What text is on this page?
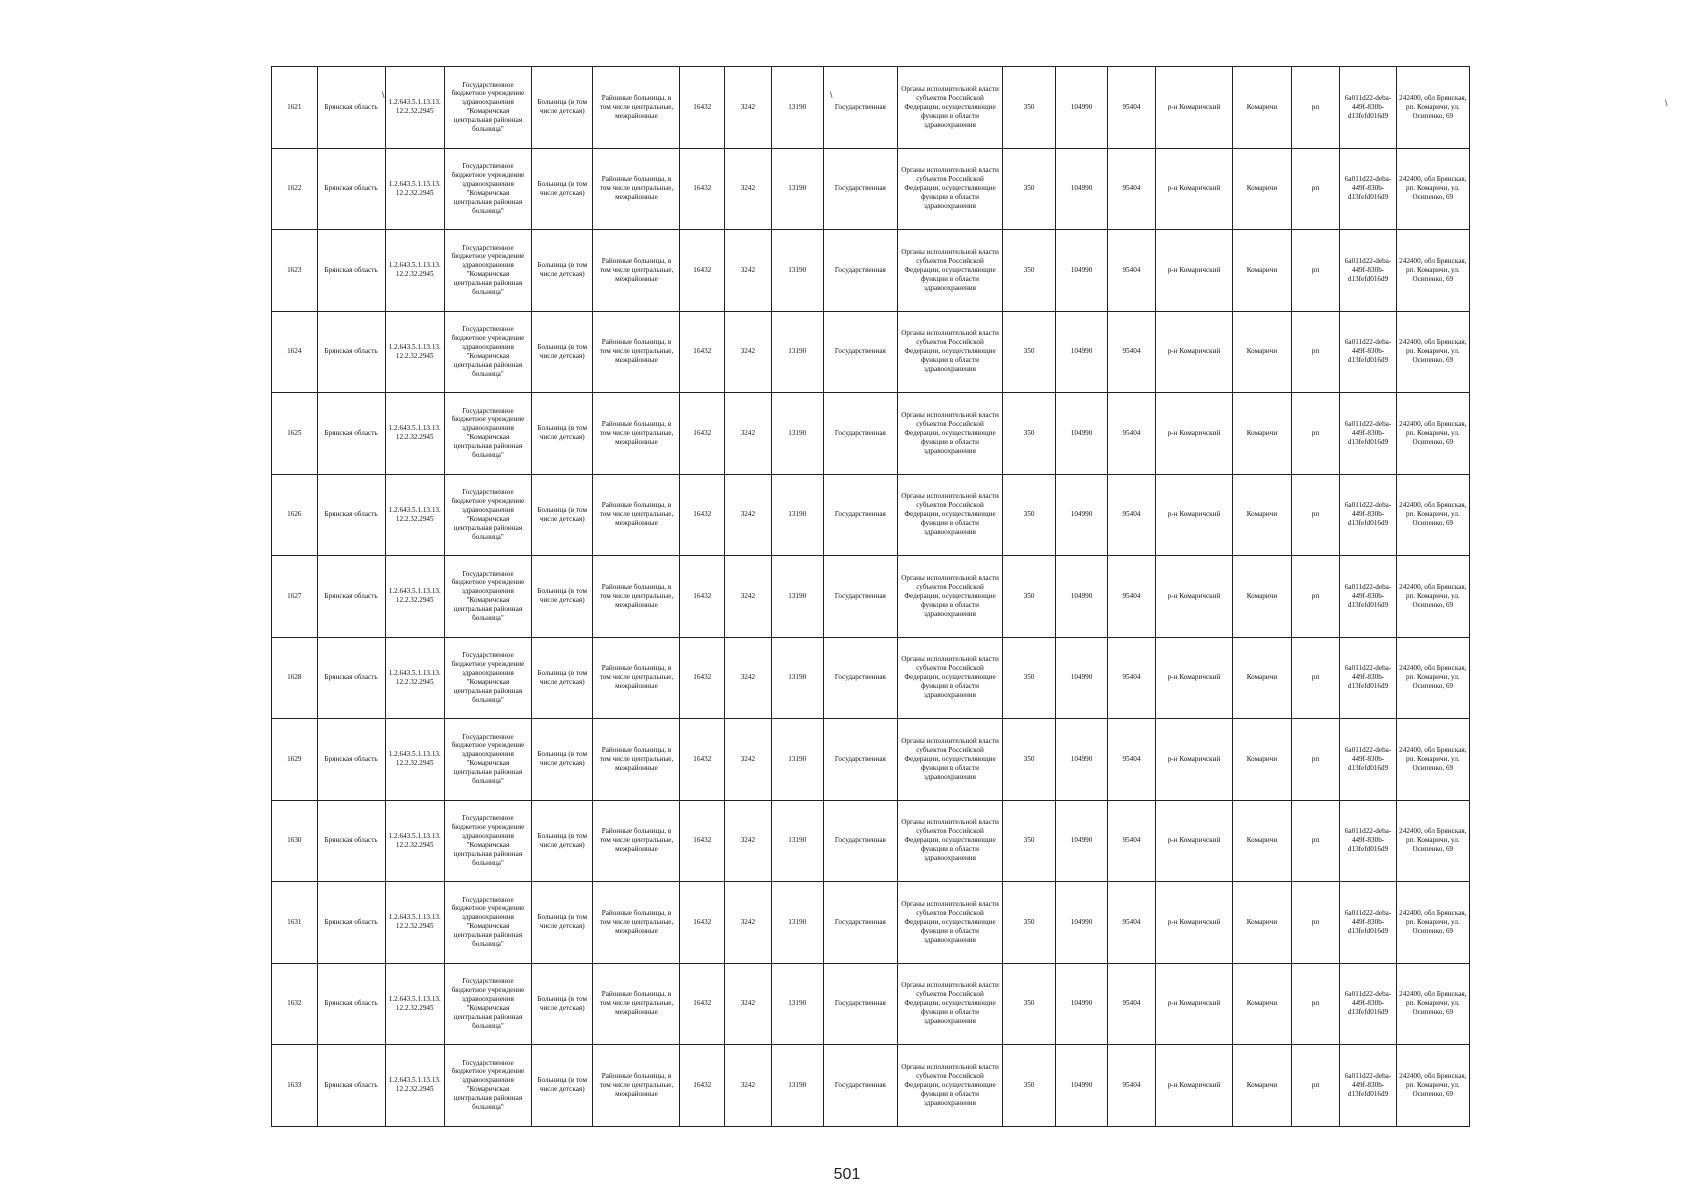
1621	Брянская область	1.2.643.5.1.13.13.12.2.32.2945	Государственное бюджетное учреждение здравоохранения "Комаричская центральная районная больница"	Больница (в том числе детская)	Районные больницы, в том числе центральные, межрайонные	16432	3242	13190	Государственная	Органы исполнительной власти субъектов Российской Федерации, осуществляющие функции в области здравоохранения	350	104990	95404	р-н Комаричский	Комаричи	рп	6a011d22-deba-449f-830b-d13fefd016d9	242400, обл Брянская, рп. Комаричи, ул. Осипенко, 69
1622	Брянская область	1.2.643.5.1.13.13.12.2.32.2945	Государственное бюджетное учреждение здравоохранения "Комаричская центральная районная больница"	Больница (в том числе детская)	Районные больницы, в том числе центральные, межрайонные	16432	3242	13190	Государственная	Органы исполнительной власти субъектов Российской Федерации, осуществляющие функции в области здравоохранения	350	104990	95404	р-н Комаричский	Комаричи	рп	6a011d22-deba-449f-830b-d13fefd016d9	242400, обл Брянская, рп. Комаричи, ул. Осипенко, 69
1623	Брянская область	1.2.643.5.1.13.13.12.2.32.2945	Государственное бюджетное учреждение здравоохранения "Комаричская центральная районная больница"	Больница (в том числе детская)	Районные больницы, в том числе центральные, межрайонные	16432	3242	13190	Государственная	Органы исполнительной власти субъектов Российской Федерации, осуществляющие функции в области здравоохранения	350	104990	95404	р-н Комаричский	Комаричи	рп	6a011d22-deba-449f-830b-d13fefd016d9	242400, обл Брянская, рп. Комаричи, ул. Осипенко, 69
1624	Брянская область	1.2.643.5.1.13.13.12.2.32.2945	Государственное бюджетное учреждение здравоохранения "Комаричская центральная районная больница"	Больница (в том числе детская)	Районные больницы, в том числе центральные, межрайонные	16432	3242	13190	Государственная	Органы исполнительной власти субъектов Российской Федерации, осуществляющие функции в области здравоохранения	350	104990	95404	р-н Комаричский	Комаричи	рп	6a011d22-deba-449f-830b-d13fefd016d9	242400, обл Брянская, рп. Комаричи, ул. Осипенко, 69
1625	Брянская область	1.2.643.5.1.13.13.12.2.32.2945	Государственное бюджетное учреждение здравоохранения "Комаричская центральная районная больница"	Больница (в том числе детская)	Районные больницы, в том числе центральные, межрайонные	16432	3242	13190	Государственная	Органы исполнительной власти субъектов Российской Федерации, осуществляющие функции в области здравоохранения	350	104990	95404	р-н Комаричский	Комаричи	рп	6a011d22-deba-449f-830b-d13fefd016d9	242400, обл Брянская, рп. Комаричи, ул. Осипенко, 69
1626	Брянская область	1.2.643.5.1.13.13.12.2.32.2945	Государственное бюджетное учреждение здравоохранения "Комаричская центральная районная больница"	Больница (в том числе детская)	Районные больницы, в том числе центральные, межрайонные	16432	3242	13190	Государственная	Органы исполнительной власти субъектов Российской Федерации, осуществляющие функции в области здравоохранения	350	104990	95404	р-н Комаричский	Комаричи	рп	6a011d22-deba-449f-830b-d13fefd016d9	242400, обл Брянская, рп. Комаричи, ул. Осипенко, 69
1627	Брянская область	1.2.643.5.1.13.13.12.2.32.2945	Государственное бюджетное учреждение здравоохранения "Комаричская центральная районная больница"	Больница (в том числе детская)	Районные больницы, в том числе центральные, межрайонные	16432	3242	13190	Государственная	Органы исполнительной власти субъектов Российской Федерации, осуществляющие функции в области здравоохранения	350	104990	95404	р-н Комаричский	Комаричи	рп	6a011d22-deba-449f-830b-d13fefd016d9	242400, обл Брянская, рп. Комаричи, ул. Осипенко, 69
1628	Брянская область	1.2.643.5.1.13.13.12.2.32.2945	Государственное бюджетное учреждение здравоохранения "Комаричская центральная районная больница"	Больница (в том числе детская)	Районные больницы, в том числе центральные, межрайонные	16432	3242	13190	Государственная	Органы исполнительной власти субъектов Российской Федерации, осуществляющие функции в области здравоохранения	350	104990	95404	р-н Комаричский	Комаричи	рп	6a011d22-deba-449f-830b-d13fefd016d9	242400, обл Брянская, рп. Комаричи, ул. Осипенко, 69
1629	Брянская область	1.2.643.5.1.13.13.12.2.32.2945	Государственное бюджетное учреждение здравоохранения "Комаричская центральная районная больница"	Больница (в том числе детская)	Районные больницы, в том числе центральные, межрайонные	16432	3242	13190	Государственная	Органы исполнительной власти субъектов Российской Федерации, осуществляющие функции в области здравоохранения	350	104990	95404	р-н Комаричский	Комаричи	рп	6a011d22-deba-449f-830b-d13fefd016d9	242400, обл Брянская, рп. Комаричи, ул. Осипенко, 69
1630	Брянская область	1.2.643.5.1.13.13.12.2.32.2945	Государственное бюджетное учреждение здравоохранения "Комаричская центральная районная больница"	Больница (в том числе детская)	Районные больницы, в том числе центральные, межрайонные	16432	3242	13190	Государственная	Органы исполнительной власти субъектов Российской Федерации, осуществляющие функции в области здравоохранения	350	104990	95404	р-н Комаричский	Комаричи	рп	6a011d22-deba-449f-830b-d13fefd016d9	242400, обл Брянская, рп. Комаричи, ул. Осипенко, 69
1631	Брянская область	1.2.643.5.1.13.13.12.2.32.2945	Государственное бюджетное учреждение здравоохранения "Комаричская центральная районная больница"	Больница (в том числе детская)	Районные больницы, в том числе центральные, межрайонные	16432	3242	13190	Государственная	Органы исполнительной власти субъектов Российской Федерации, осуществляющие функции в области здравоохранения	350	104990	95404	р-н Комаричский	Комаричи	рп	6a011d22-deba-449f-830b-d13fefd016d9	242400, обл Брянская, рп. Комаричи, ул. Осипенко, 69
1632	Брянская область	1.2.643.5.1.13.13.12.2.32.2945	Государственное бюджетное учреждение здравоохранения "Комаричская центральная районная больница"	Больница (в том числе детская)	Районные больницы, в том числе центральные, межрайонные	16432	3242	13190	Государственная	Органы исполнительной власти субъектов Российской Федерации, осуществляющие функции в области здравоохранения	350	104990	95404	р-н Комаричский	Комаричи	рп	6a011d22-deba-449f-830b-d13fefd016d9	242400, обл Брянская, рп. Комаричи, ул. Осипенко, 69
1633	Брянская область	1.2.643.5.1.13.13.12.2.32.2945	Государственное бюджетное учреждение здравоохранения "Комаричская центральная районная больница"	Больница (в том числе детская)	Районные больницы, в том числе центральные, межрайонные	16432	3242	13190	Государственная	Органы исполнительной власти субъектов Российской Федерации, осуществляющие функции в области здравоохранения	350	104990	95404	р-н Комаричский	Комаричи	рп	6a011d22-deba-449f-830b-d13fefd016d9	242400, обл Брянская, рп. Комаричи, ул. Осипенко, 69
\	\
\
501
